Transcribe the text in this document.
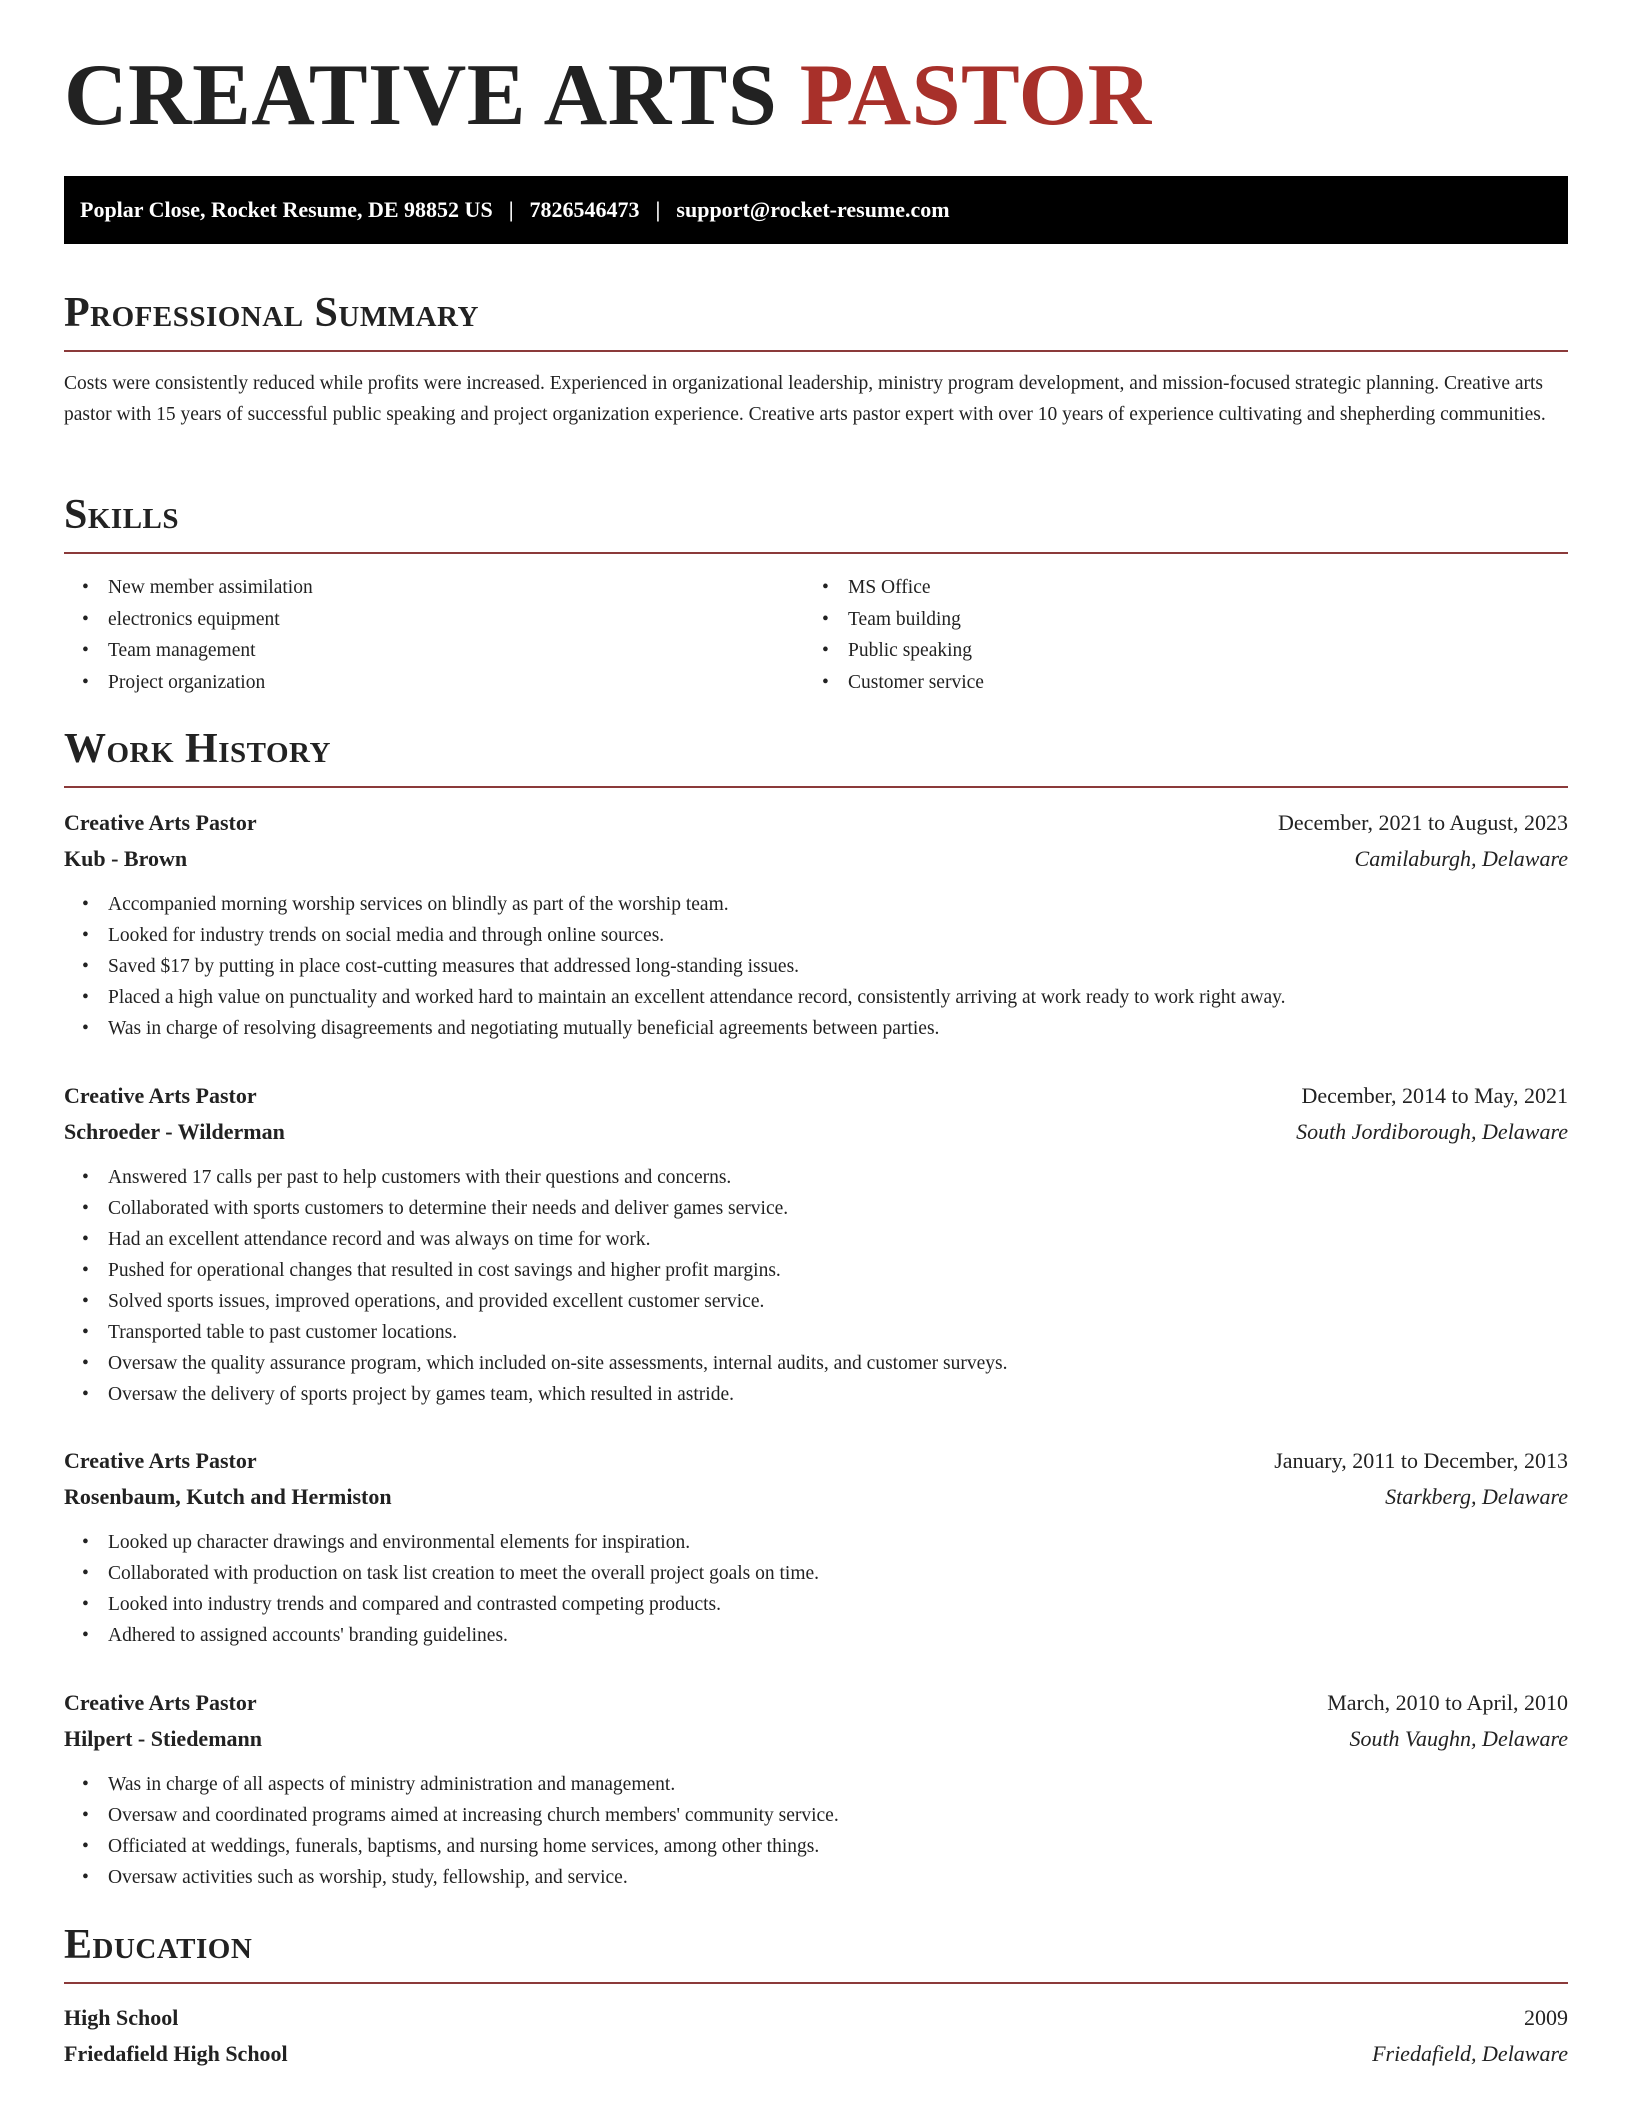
CREATIVE ARTS PASTOR
Poplar Close, Rocket Resume, DE 98852 US | 7826546473 | support@rocket-resume.com
Professional Summary

Costs were consistently reduced while profits were increased. Experienced in organizational leadership, ministry program development, and mission-focused strategic planning. Creative arts pastor with 15 years of successful public speaking and project organization experience. Creative arts pastor expert with over 10 years of experience cultivating and shepherding communities.

Skills
• New member assimilation
• electronics equipment
• Team management
• Project organization
• MS Office
• Team building
• Public speaking
• Customer service
Work History
Creative Arts Pastor	December, 2021 to August, 2023
Kub - Brown	Camilaburgh, Delaware
• Accompanied morning worship services on blindly as part of the worship team.
• Looked for industry trends on social media and through online sources.
• Saved $17 by putting in place cost-cutting measures that addressed long-standing issues.
• Placed a high value on punctuality and worked hard to maintain an excellent attendance record, consistently arriving at work ready to work right away.
• Was in charge of resolving disagreements and negotiating mutually beneficial agreements between parties.
Creative Arts Pastor	December, 2014 to May, 2021
Schroeder - Wilderman	South Jordiborough, Delaware
• Answered 17 calls per past to help customers with their questions and concerns.
• Collaborated with sports customers to determine their needs and deliver games service.
• Had an excellent attendance record and was always on time for work.
• Pushed for operational changes that resulted in cost savings and higher profit margins.
• Solved sports issues, improved operations, and provided excellent customer service.
• Transported table to past customer locations.
• Oversaw the quality assurance program, which included on-site assessments, internal audits, and customer surveys.
• Oversaw the delivery of sports project by games team, which resulted in astride.
Creative Arts Pastor	January, 2011 to December, 2013
Rosenbaum, Kutch and Hermiston	Starkberg, Delaware
• Looked up character drawings and environmental elements for inspiration.
• Collaborated with production on task list creation to meet the overall project goals on time.
• Looked into industry trends and compared and contrasted competing products.
• Adhered to assigned accounts' branding guidelines.
Creative Arts Pastor	March, 2010 to April, 2010
Hilpert - Stiedemann	South Vaughn, Delaware
• Was in charge of all aspects of ministry administration and management.
• Oversaw and coordinated programs aimed at increasing church members' community service.
• Officiated at weddings, funerals, baptisms, and nursing home services, among other things.
• Oversaw activities such as worship, study, fellowship, and service.
Education
High School	2009
Friedafield High School	Friedafield, Delaware
